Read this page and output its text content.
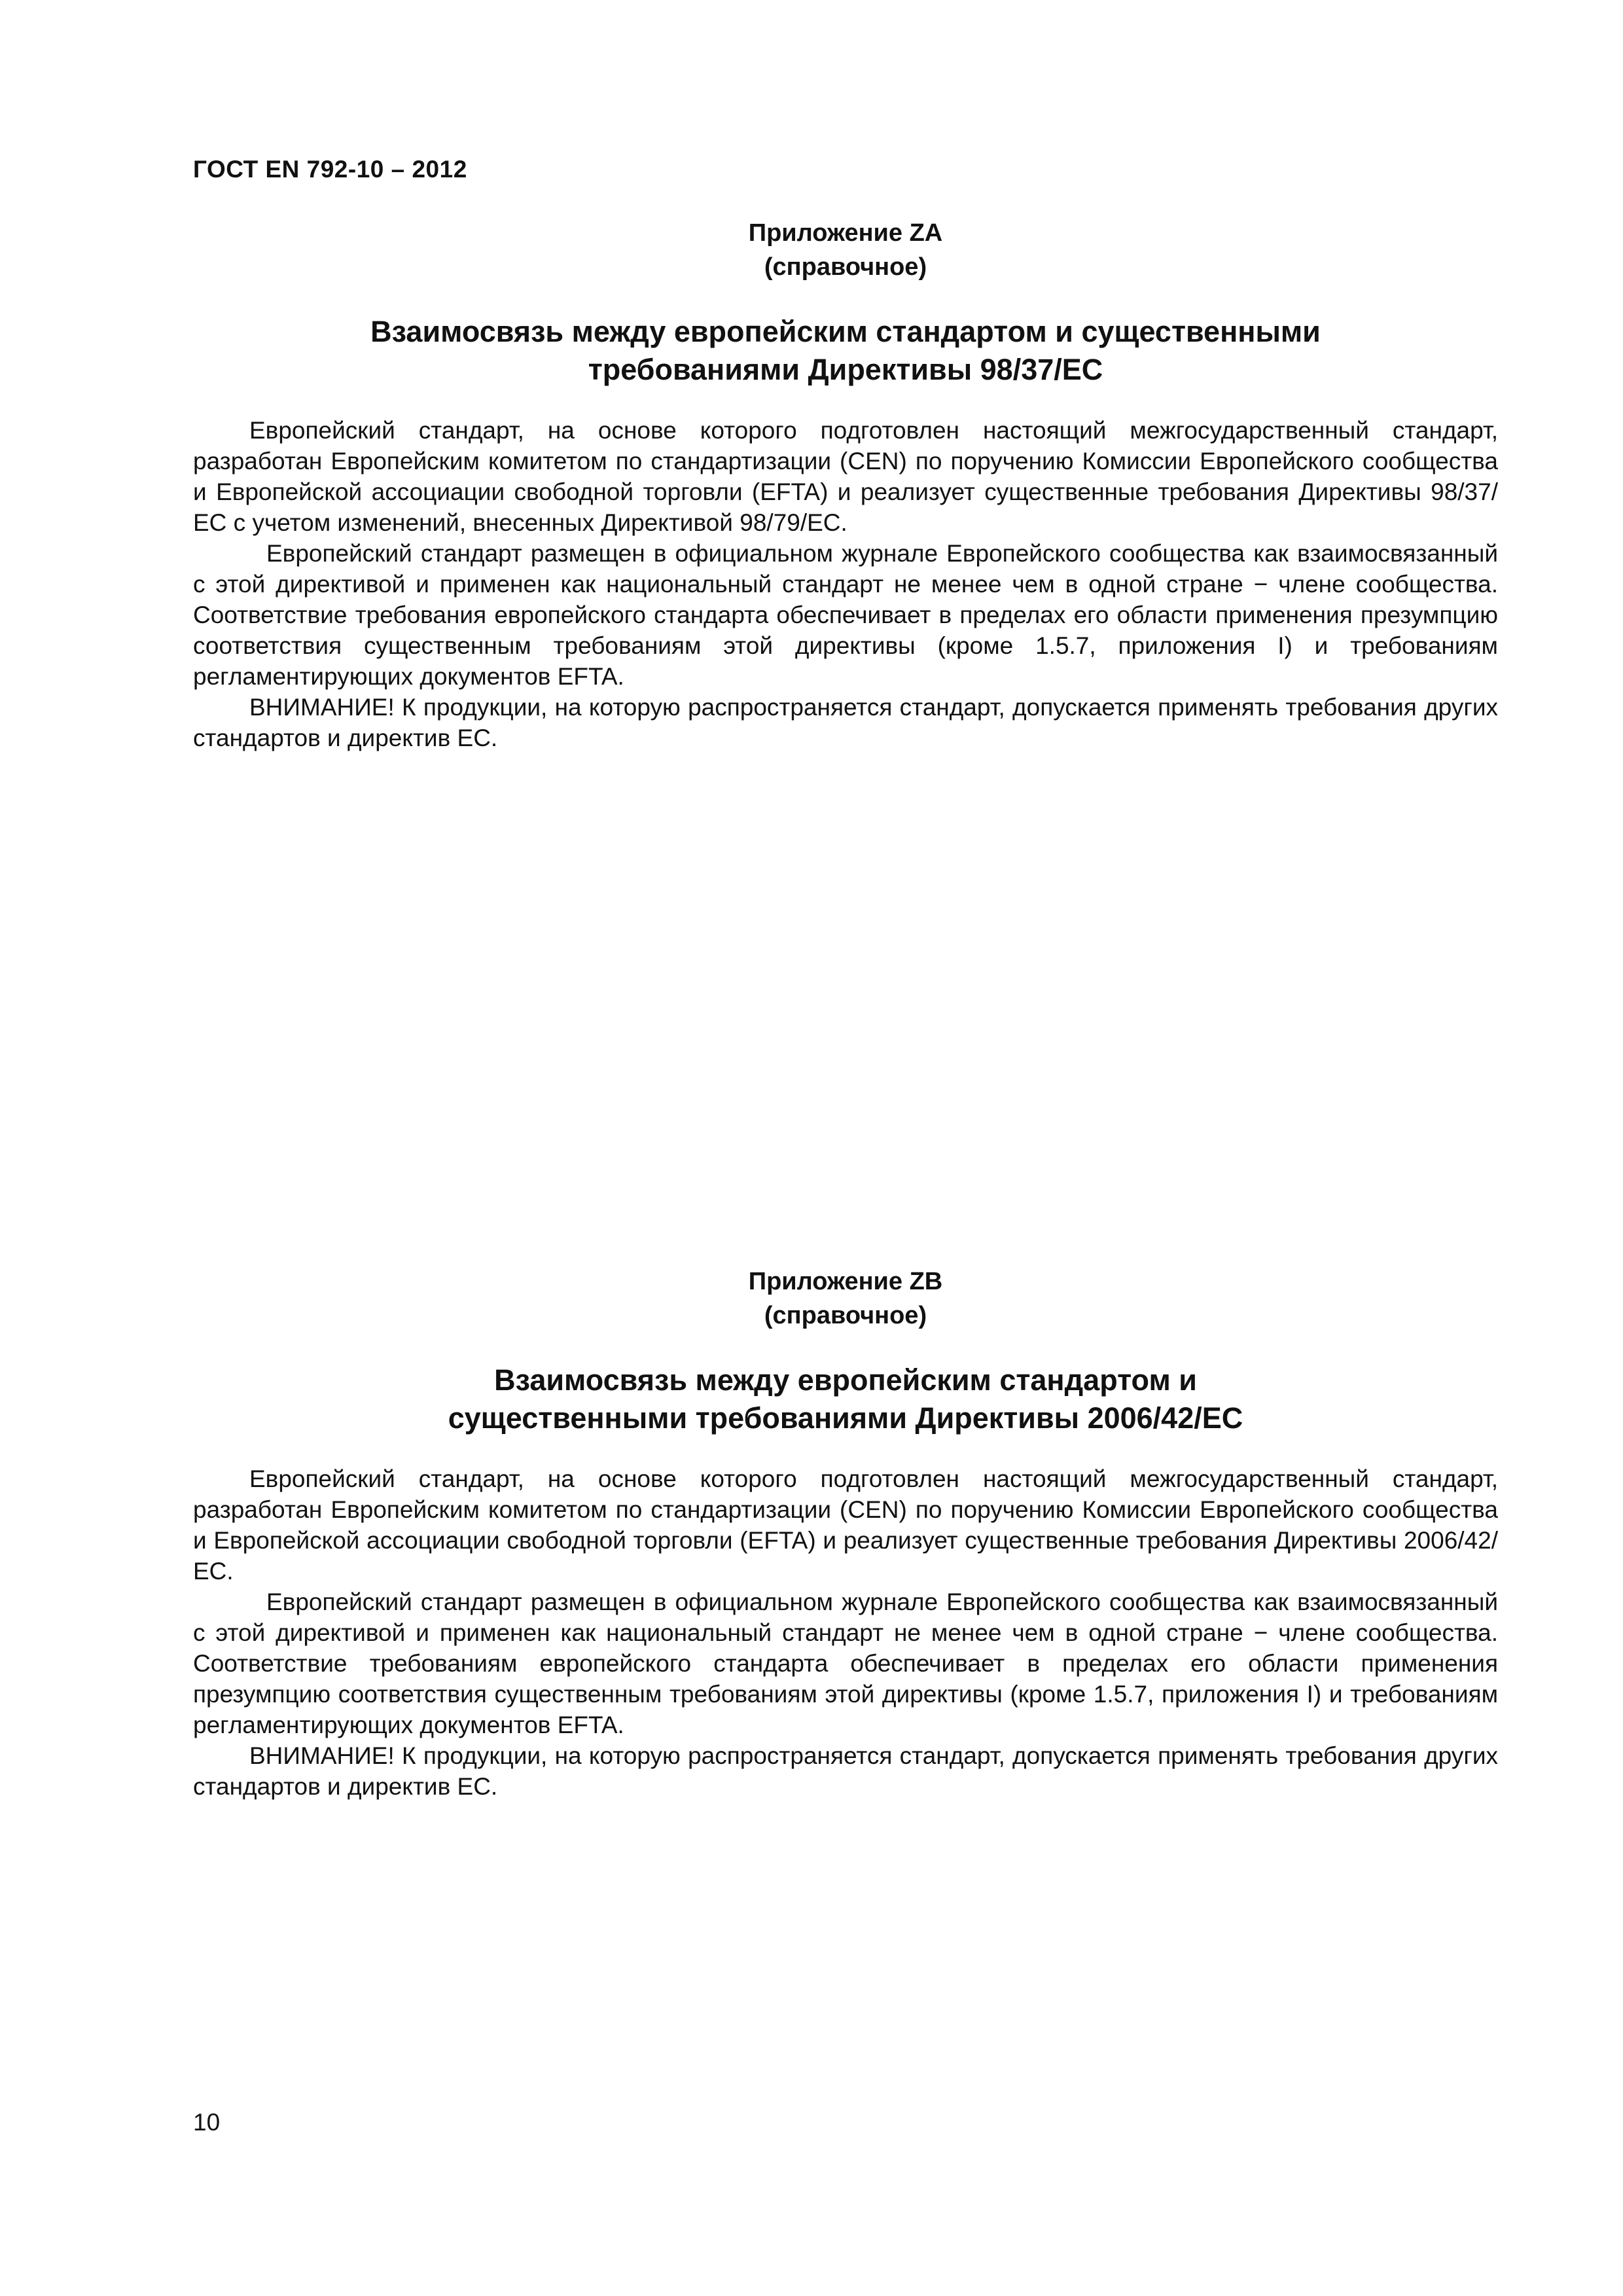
ГОСТ EN 792-10 – 2012
Приложение ZA
(справочное)
Взаимосвязь между европейским стандартом и существенными
требованиями Директивы 98/37/ЕС

Европейский стандарт, на основе которого подготовлен настоящий межгосударственный стандарт, разработан Европейским комитетом по стандартизации (CEN) по поручению Комиссии Европейского сообщества и Европейской ассоциации свободной торговли (EFTA) и реализует существенные требования Директивы 98/37/ЕС с учетом изменений, внесенных Директивой 98/79/ЕС.

Европейский стандарт размещен в официальном журнале Европейского сообщества как взаимосвязанный с этой директивой и применен как национальный стандарт не менее чем в одной стране − члене сообщества. Соответствие требования европейского стандарта обеспечивает в пределах его области применения презумпцию соответствия существенным требованиям этой директивы (кроме 1.5.7, приложения I) и требованиям регламентирующих документов EFTA.

ВНИМАНИЕ! К продукции, на которую распространяется стандарт, допускается применять требования других стандартов и директив ЕС.

Приложение ZB
(справочное)
Взаимосвязь между европейским стандартом и
существенными требованиями Директивы 2006/42/ЕС

Европейский стандарт, на основе которого подготовлен настоящий межгосударственный стандарт, разработан Европейским комитетом по стандартизации (CEN) по поручению Комиссии Европейского сообщества и Европейской ассоциации свободной торговли (EFTA) и реализует существенные требования Директивы 2006/42/ЕС.

Европейский стандарт размещен в официальном журнале Европейского сообщества как взаимосвязанный с этой директивой и применен как национальный стандарт не менее чем в одной стране − члене сообщества. Соответствие требованиям европейского стандарта обеспечивает в пределах его области применения презумпцию соответствия существенным требованиям этой директивы (кроме 1.5.7, приложения I) и требованиям регламентирующих документов EFTA.

ВНИМАНИЕ! К продукции, на которую распространяется стандарт, допускается применять требования других стандартов и директив ЕС.

10
